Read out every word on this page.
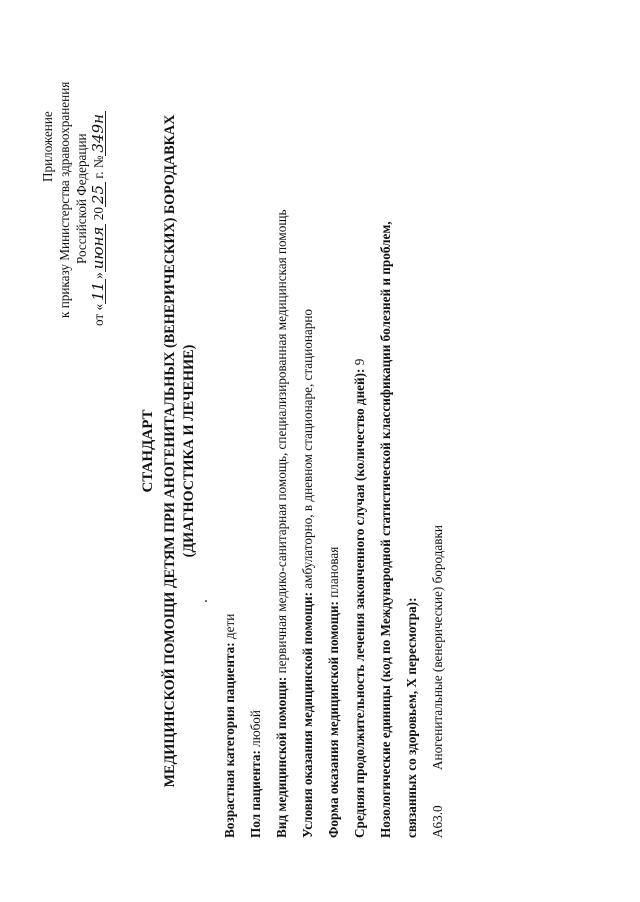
Приложение к приказу Министерства здравоохранения Российской Федерации
от «11»июня 2025 г. №349н
СТАНДАРТ МЕДИЦИНСКОЙ ПОМОЩИ ДЕТЯМ ПРИ АНОГЕНИТАЛЬНЫХ (ВЕНЕРИЧЕСКИХ) БОРОДАВКАХ (ДИАГНОСТИКА И ЛЕЧЕНИЕ)
Возрастная категория пациента: дети
Пол пациента: любой Вид медицинской помощи: первичная медико-санитарная помощь, специализированная медицинская помощь
Условия оказания медицинской помощи: амбулаторно, в дневном стационаре, стационарно
Форма оказания медицинской помощи: плановая Средняя продолжительность лечения законченного случая (количество дней): 9 Нозологические единицы (код по Международной статистической классификации болезней и проблем, связанных со здоровьем, X пересмотра): A63.0
Аногенитальные (венерические) бородавки
